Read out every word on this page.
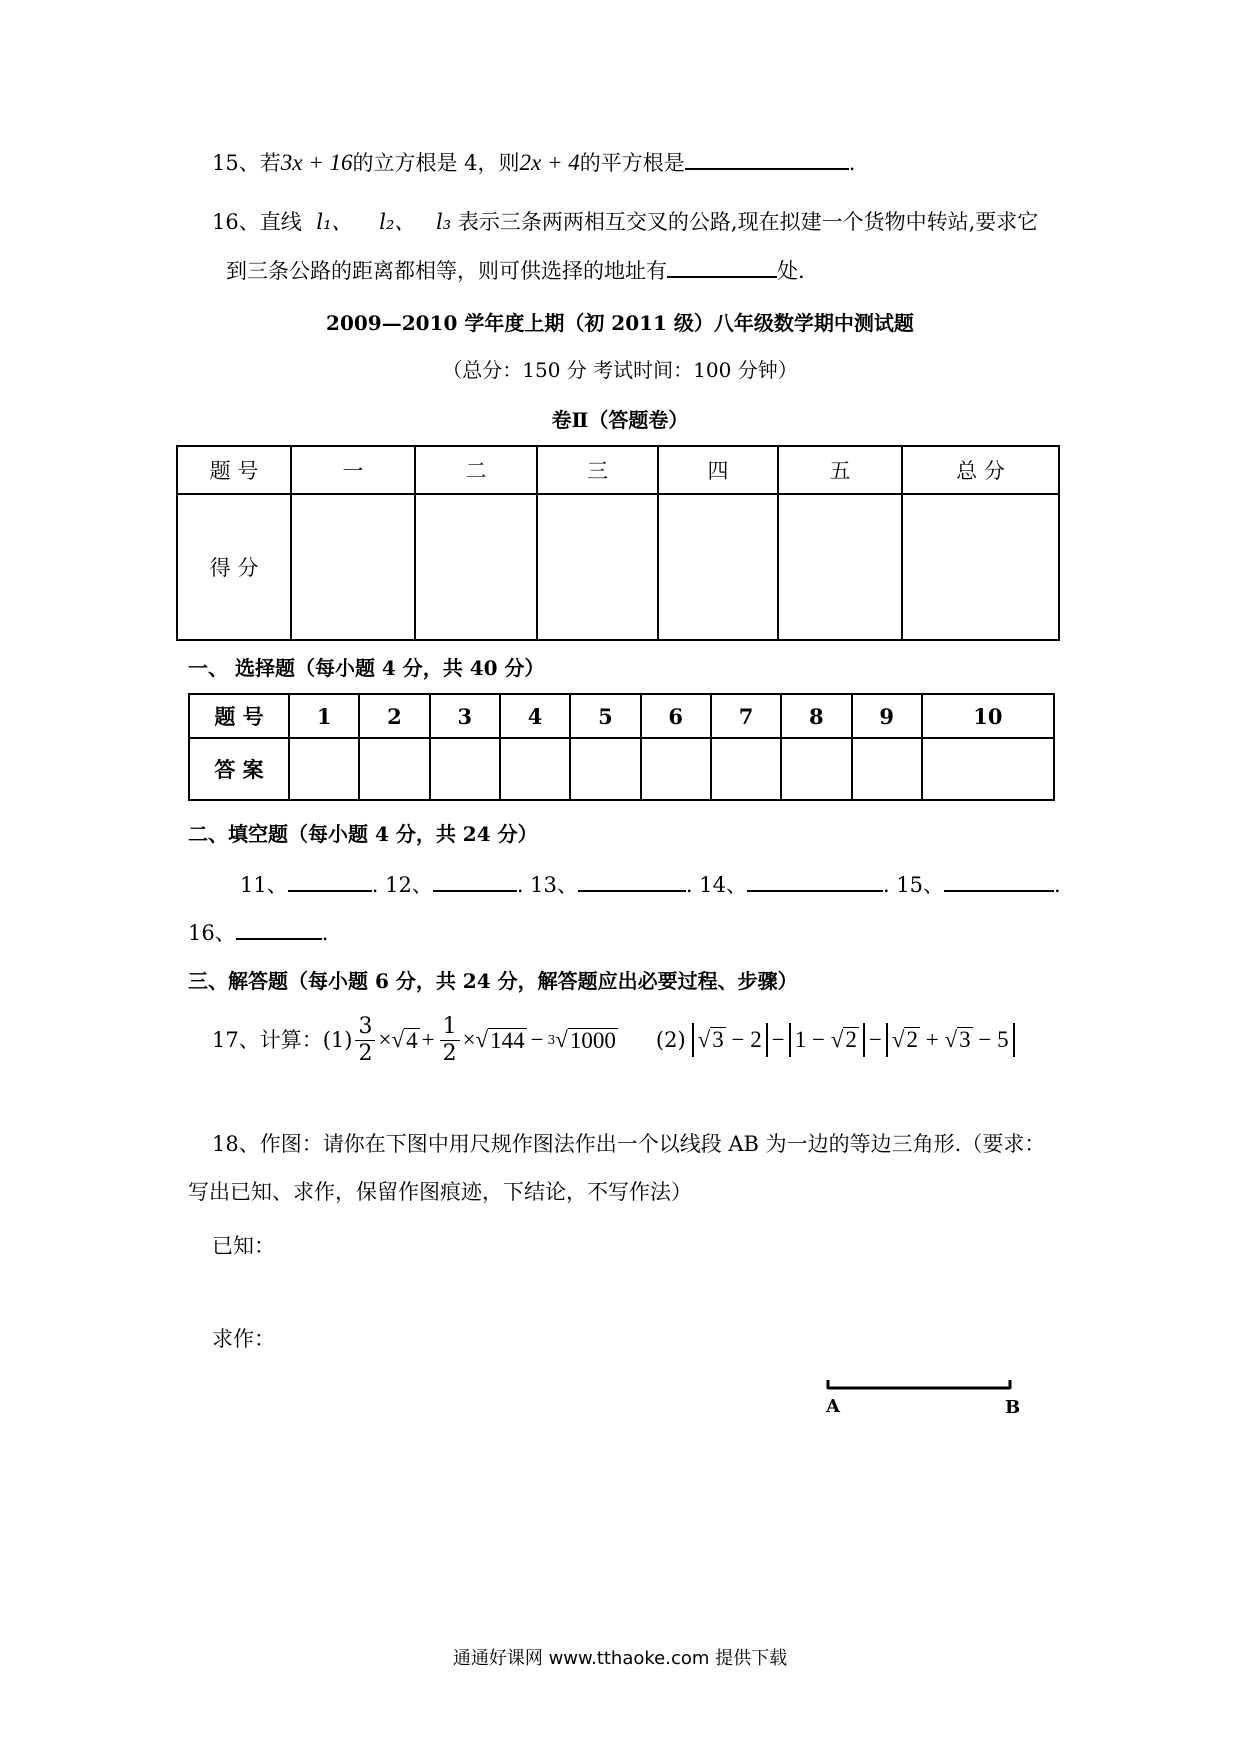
15、若3x + 16的立方根是 4，则2x + 4的平方根是	.
16、直线 l₁、 l₂、 l₃ 表示三条两两相互交叉的公路,现在拟建一个货物中转站,要求它
到三条公路的距离都相等，则可供选择的地址有	处.
2009—2010 学年度上期（初 2011 级）八年级数学期中测试题
（总分：150 分 考试时间：100 分钟）
卷Ⅱ（答题卷）
题 号	一	二	三	四	五	总 分
得 分						
一、 选择题（每小题 4 分，共 40 分）
题 号	1	2	3	4	5	6	7	8	9	10
答 案										
二、填空题（每小题 4 分，共 24 分）
11、	. 12、	. 13、	. 14、	. 15、	.
16、	.
三、解答题（每小题 6 分，共 24 分，解答题应出必要过程、步骤）
17、计算：$(1) \frac{3}{2}$ × √ $4 + \frac{1}{2}$ × √ 144 − 3 √ 1000 (2) √3 − 2 − 1 − √2 − √2 + √3 − 5
18、作图：请你在下图中用尺规作图法作出一个以线段 AB 为一边的等边三角形.（要求：
写出已知、求作，保留作图痕迹，下结论，不写作法）
已知：
求作：
A	B
通通好课网 www.tthaoke.com 提供下载
